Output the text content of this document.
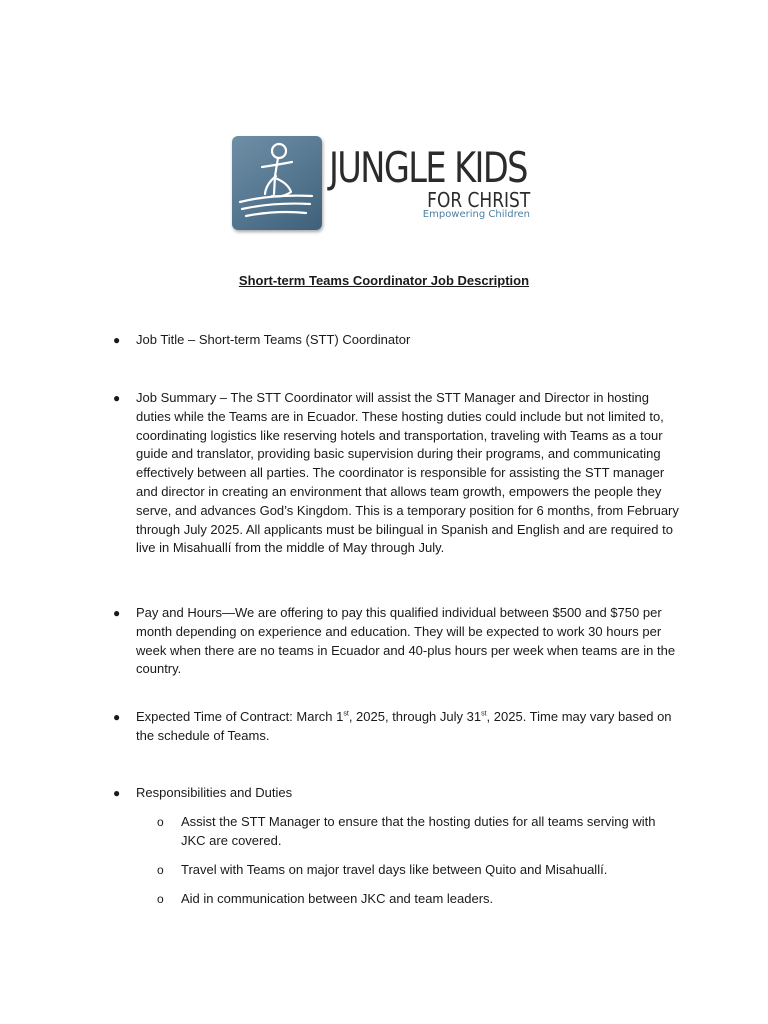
JUNGLE KIDS
FOR CHRIST
Empowering Children
Short-term Teams Coordinator Job Description
● Job Title – Short-term Teams (STT) Coordinator

● Job Summary – The STT Coordinator will assist the STT Manager and Director in hosting duties while the Teams are in Ecuador. These hosting duties could include but not limited to, coordinating logistics like reserving hotels and transportation, traveling with Teams as a tour guide and translator, providing basic supervision during their programs, and communicating effectively between all parties. The coordinator is responsible for assisting the STT manager and director in creating an environment that allows team growth, empowers the people they serve, and advances God’s Kingdom. This is a temporary position for 6 months, from February through July 2025. All applicants must be bilingual in Spanish and English and are required to live in Misahuallí from the middle of May through July.

● Pay and Hours—We are offering to pay this qualified individual between $500 and $750 per month depending on experience and education. They will be expected to work 30 hours per week when there are no teams in Ecuador and 40-plus hours per week when teams are in the country.

● Expected Time of Contract: March 1st, 2025, through July 31st, 2025. Time may vary based on the schedule of Teams.

● Responsibilities and Duties

o	Assist the STT Manager to ensure that the hosting duties for all teams serving with JKC are covered.

o	Travel with Teams on major travel days like between Quito and Misahuallí.

o	Aid in communication between JKC and team leaders.
